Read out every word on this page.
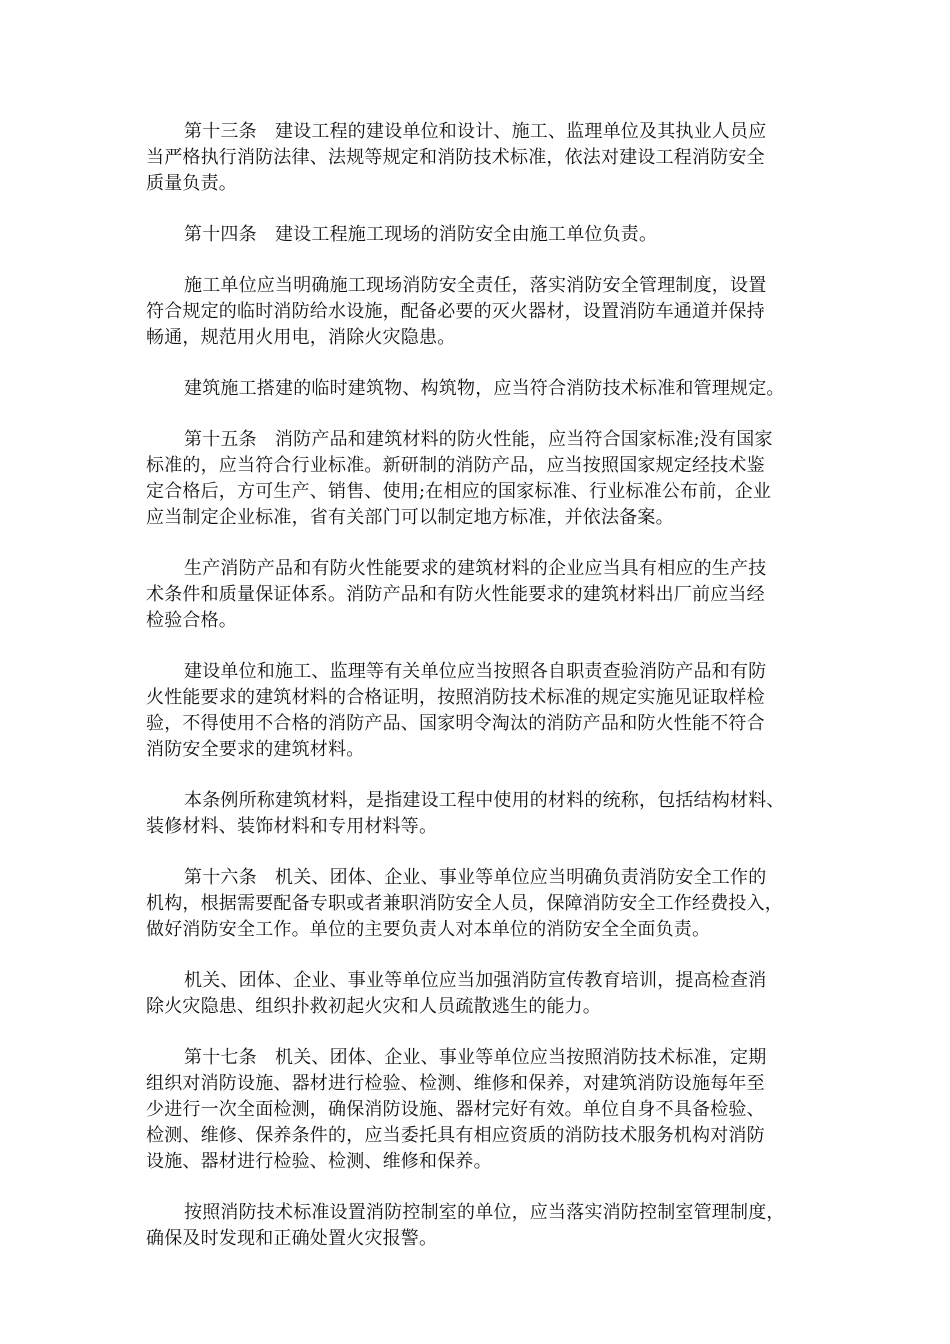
第十三条　建设工程的建设单位和设计、施工、监理单位及其执业人员应
当严格执行消防法律、法规等规定和消防技术标准，依法对建设工程消防安全
质量负责。

第十四条　建设工程施工现场的消防安全由施工单位负责。

施工单位应当明确施工现场消防安全责任，落实消防安全管理制度，设置
符合规定的临时消防给水设施，配备必要的灭火器材，设置消防车通道并保持
畅通，规范用火用电，消除火灾隐患。

建筑施工搭建的临时建筑物、构筑物，应当符合消防技术标准和管理规定。

第十五条　消防产品和建筑材料的防火性能，应当符合国家标准;没有国家
标准的，应当符合行业标准。新研制的消防产品，应当按照国家规定经技术鉴
定合格后，方可生产、销售、使用;在相应的国家标准、行业标准公布前，企业
应当制定企业标准，省有关部门可以制定地方标准，并依法备案。

生产消防产品和有防火性能要求的建筑材料的企业应当具有相应的生产技
术条件和质量保证体系。消防产品和有防火性能要求的建筑材料出厂前应当经
检验合格。

建设单位和施工、监理等有关单位应当按照各自职责查验消防产品和有防
火性能要求的建筑材料的合格证明，按照消防技术标准的规定实施见证取样检
验，不得使用不合格的消防产品、国家明令淘汰的消防产品和防火性能不符合
消防安全要求的建筑材料。

本条例所称建筑材料，是指建设工程中使用的材料的统称，包括结构材料、
装修材料、装饰材料和专用材料等。

第十六条　机关、团体、企业、事业等单位应当明确负责消防安全工作的
机构，根据需要配备专职或者兼职消防安全人员，保障消防安全工作经费投入，
做好消防安全工作。单位的主要负责人对本单位的消防安全全面负责。

机关、团体、企业、事业等单位应当加强消防宣传教育培训，提高检查消
除火灾隐患、组织扑救初起火灾和人员疏散逃生的能力。

第十七条　机关、团体、企业、事业等单位应当按照消防技术标准，定期
组织对消防设施、器材进行检验、检测、维修和保养，对建筑消防设施每年至
少进行一次全面检测，确保消防设施、器材完好有效。单位自身不具备检验、
检测、维修、保养条件的，应当委托具有相应资质的消防技术服务机构对消防
设施、器材进行检验、检测、维修和保养。

按照消防技术标准设置消防控制室的单位，应当落实消防控制室管理制度，
确保及时发现和正确处置火灾报警。
